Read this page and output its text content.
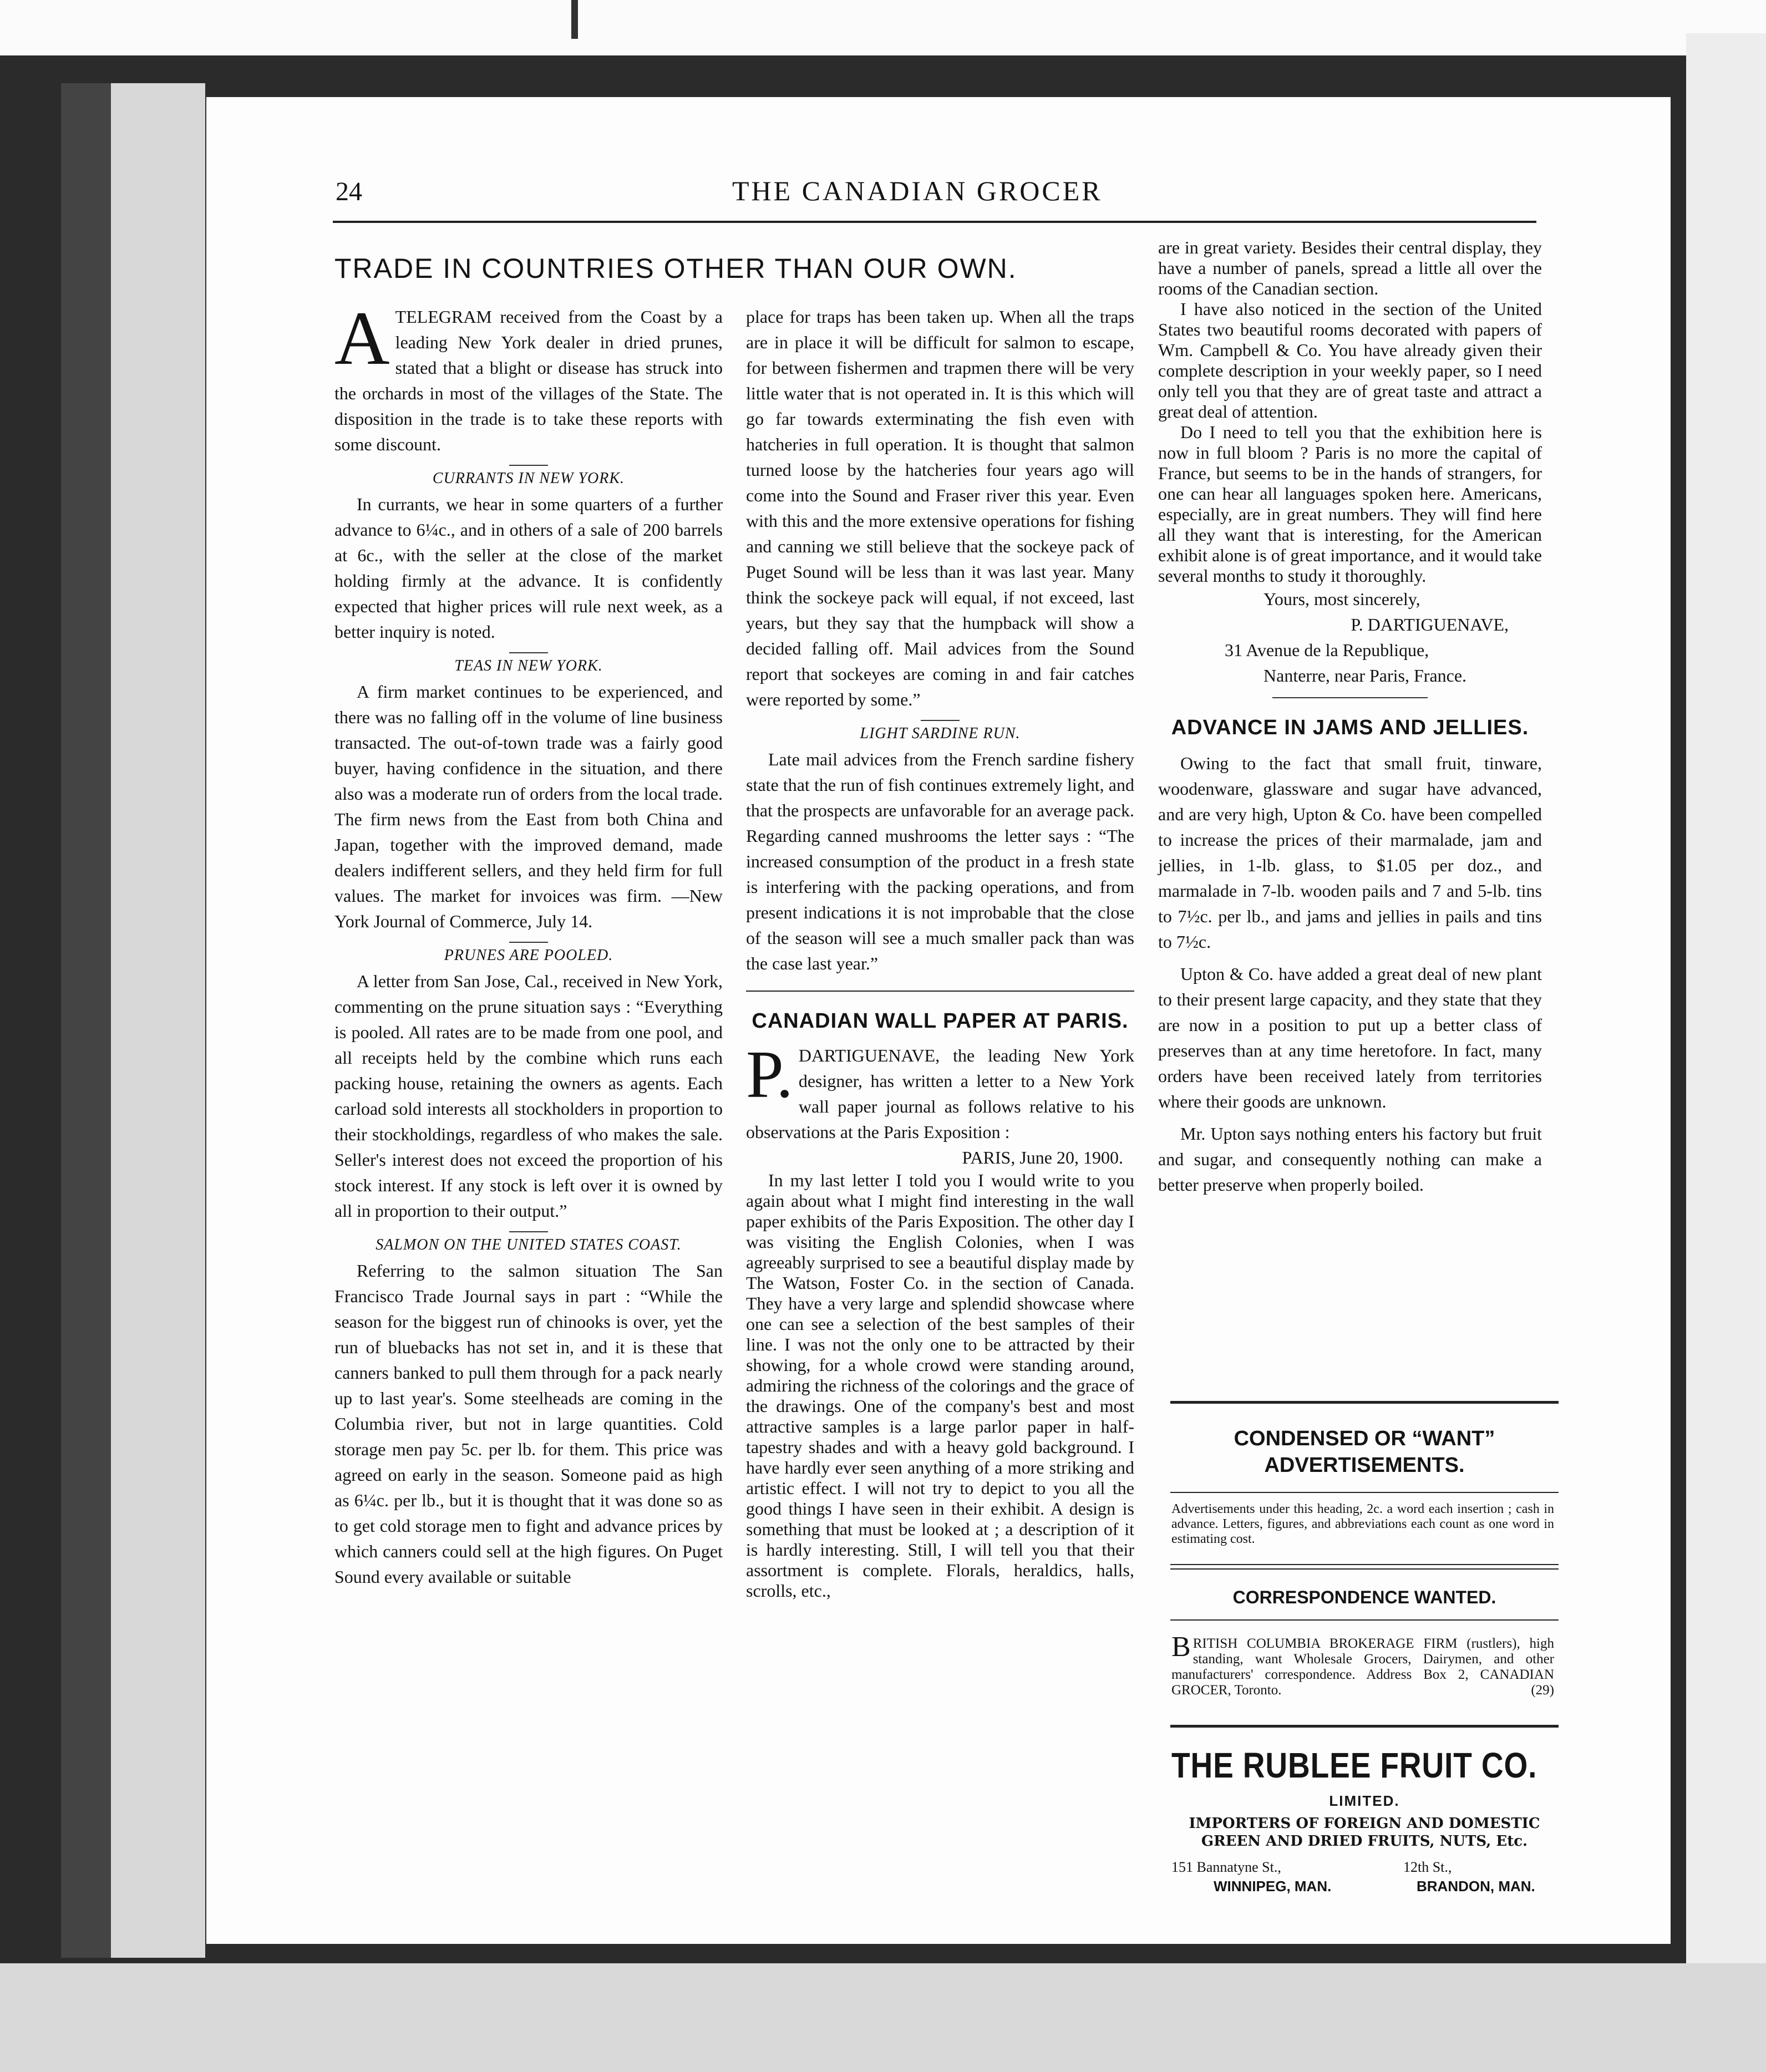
24	THE CANADIAN GROCER
TRADE IN COUNTRIES OTHER THAN OUR OWN.

ATELEGRAM received from the Coast by a leading New York dealer in dried prunes, stated that a blight or disease has struck into the orchards in most of the villages of the State. The disposition in the trade is to take these reports with some discount.

CURRANTS IN NEW YORK.

In currants, we hear in some quarters of a further advance to 6¼c., and in others of a sale of 200 barrels at 6c., with the seller at the close of the market holding firmly at the advance. It is confidently expected that higher prices will rule next week, as a better inquiry is noted.

TEAS IN NEW YORK.

A firm market continues to be experienced, and there was no falling off in the volume of line business transacted. The out-of-town trade was a fairly good buyer, having confidence in the situation, and there also was a moderate run of orders from the local trade. The firm news from the East from both China and Japan, together with the improved demand, made dealers indifferent sellers, and they held firm for full values. The market for invoices was firm. —New York Journal of Commerce, July 14.

PRUNES ARE POOLED.

A letter from San Jose, Cal., received in New York, commenting on the prune situation says : “Everything is pooled. All rates are to be made from one pool, and all receipts held by the combine which runs each packing house, retaining the owners as agents. Each carload sold interests all stockholders in proportion to their stockholdings, regardless of who makes the sale. Seller's interest does not exceed the proportion of his stock interest. If any stock is left over it is owned by all in proportion to their output.”

SALMON ON THE UNITED STATES COAST.

Referring to the salmon situation The San Francisco Trade Journal says in part : “While the season for the biggest run of chinooks is over, yet the run of bluebacks has not set in, and it is these that canners banked to pull them through for a pack nearly up to last year's. Some steelheads are coming in the Columbia river, but not in large quantities. Cold storage men pay 5c. per lb. for them. This price was agreed on early in the season. Someone paid as high as 6¼c. per lb., but it is thought that it was done so as to get cold storage men to fight and advance prices by which canners could sell at the high figures. On Puget Sound every available or suitable

place for traps has been taken up. When all the traps are in place it will be difficult for salmon to escape, for between fishermen and trapmen there will be very little water that is not operated in. It is this which will go far towards exterminating the fish even with hatcheries in full operation. It is thought that salmon turned loose by the hatcheries four years ago will come into the Sound and Fraser river this year. Even with this and the more extensive operations for fishing and canning we still believe that the sockeye pack of Puget Sound will be less than it was last year. Many think the sockeye pack will equal, if not exceed, last years, but they say that the humpback will show a decided falling off. Mail advices from the Sound report that sockeyes are coming in and fair catches were reported by some.”

LIGHT SARDINE RUN.

Late mail advices from the French sardine fishery state that the run of fish continues extremely light, and that the prospects are unfavorable for an average pack. Regarding canned mushrooms the letter says : “The increased consumption of the product in a fresh state is interfering with the packing operations, and from present indications it is not improbable that the close of the season will see a much smaller pack than was the case last year.”

CANADIAN WALL PAPER AT PARIS.

P. DARTIGUENAVE, the leading New York designer, has written a letter to a New York wall paper journal as follows relative to his observations at the Paris Exposition :

PARIS, June 20, 1900.

In my last letter I told you I would write to you again about what I might find interesting in the wall paper exhibits of the Paris Exposition. The other day I was visiting the English Colonies, when I was agreeably surprised to see a beautiful display made by The Watson, Foster Co. in the section of Canada. They have a very large and splendid showcase where one can see a selection of the best samples of their line. I was not the only one to be attracted by their showing, for a whole crowd were standing around, admiring the richness of the colorings and the grace of the drawings. One of the company's best and most attractive samples is a large parlor paper in half-tapestry shades and with a heavy gold background. I have hardly ever seen anything of a more striking and artistic effect. I will not try to depict to you all the good things I have seen in their exhibit. A design is something that must be looked at ; a description of it is hardly interesting. Still, I will tell you that their assortment is complete. Florals, heraldics, halls, scrolls, etc.,

are in great variety. Besides their central display, they have a number of panels, spread a little all over the rooms of the Canadian section.

I have also noticed in the section of the United States two beautiful rooms decorated with papers of Wm. Campbell & Co. You have already given their complete description in your weekly paper, so I need only tell you that they are of great taste and attract a great deal of attention.

Do I need to tell you that the exhibition here is now in full bloom ? Paris is no more the capital of France, but seems to be in the hands of strangers, for one can hear all languages spoken here. Americans, especially, are in great numbers. They will find here all they want that is interesting, for the American exhibit alone is of great importance, and it would take several months to study it thoroughly.

Yours, most sincerely,

P. DARTIGUENAVE,

31 Avenue de la Republique,

Nanterre, near Paris, France.

ADVANCE IN JAMS AND JELLIES.

Owing to the fact that small fruit, tinware, woodenware, glassware and sugar have advanced, and are very high, Upton & Co. have been compelled to increase the prices of their marmalade, jam and jellies, in 1-lb. glass, to $1.05 per doz., and marmalade in 7-lb. wooden pails and 7 and 5-lb. tins to 7½c. per lb., and jams and jellies in pails and tins to 7½c.

Upton & Co. have added a great deal of new plant to their present large capacity, and they state that they are now in a position to put up a better class of preserves than at any time heretofore. In fact, many orders have been received lately from territories where their goods are unknown.

Mr. Upton says nothing enters his factory but fruit and sugar, and consequently nothing can make a better preserve when properly boiled.

CONDENSED OR “WANT”
ADVERTISEMENTS.
Advertisements under this heading, 2c. a word each insertion ; cash in advance. Letters, figures, and abbreviations each count as one word in estimating cost.
CORRESPONDENCE WANTED.
BRITISH COLUMBIA BROKERAGE FIRM (rustlers), high standing, want Wholesale Grocers, Dairymen, and other manufacturers' correspondence. Address Box 2, CANADIAN GROCER, Toronto.	(29)
THE RUBLEE FRUIT CO.
LIMITED.
IMPORTERS OF FOREIGN AND DOMESTIC
GREEN AND DRIED FRUITS, NUTS, Etc.
151 Bannatyne St.,
WINNIPEG, MAN.
12th St.,
BRANDON, MAN.
